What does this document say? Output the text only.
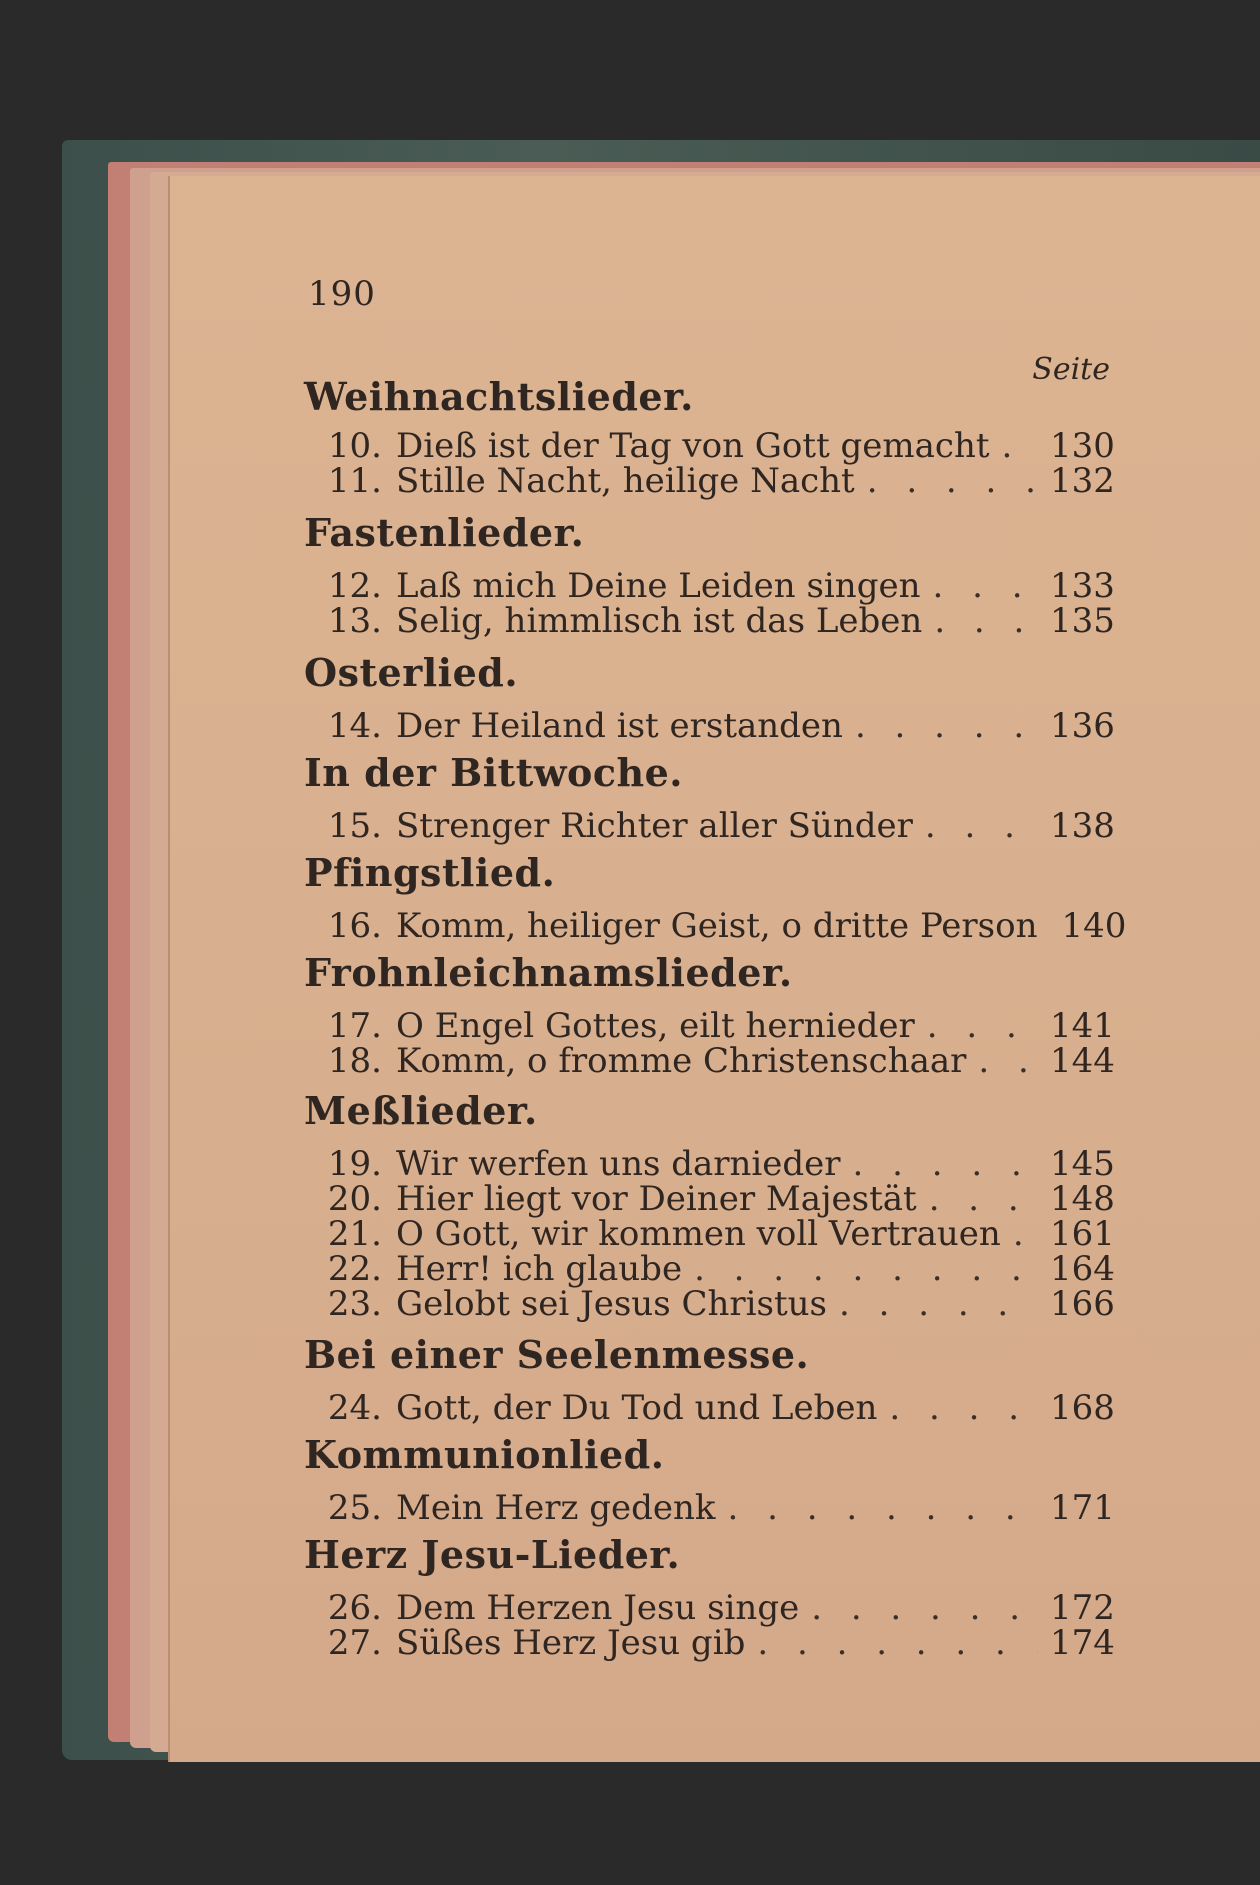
190
Seite
Weihnachtslieder.
10. Dieß ist der Tag von Gott gemacht . . . 130
11. Stille Nacht, heilige Nacht . . .	132
Fastenlieder.
12. Laß mich Deine Leiden singen . . .	133
13. Selig, himmlisch ist das Leben . . .	135
Osterlied.
14. Der Heiland ist erstanden . . .	136
In der Bittwoche.
15. Strenger Richter aller Sünder . . .	138
Pfingstlied.
16. Komm, heiliger Geist, o dritte Person 140
Frohnleichnamslieder.
17. O Engel Gottes, eilt hernieder . . .	141
18. Komm, o fromme Christenschaar . . . 144
Meßlieder.
19. Wir werfen uns darnieder . . .	145
20. Hier liegt vor Deiner Majestät . . .	148
21. O Gott, wir kommen voll Vertrauen . . . 161
22. Herr! ich glaube . . .	164
23. Gelobt sei Jesus Christus . . .	166
Bei einer Seelenmesse.
24. Gott, der Du Tod und Leben . . .	168
Kommunionlied.
25. Mein Herz gedenk . . .	171
Herz Jesu-Lieder.
26. Dem Herzen Jesu singe . . .	172
27. Süßes Herz Jesu gib . . .	174
